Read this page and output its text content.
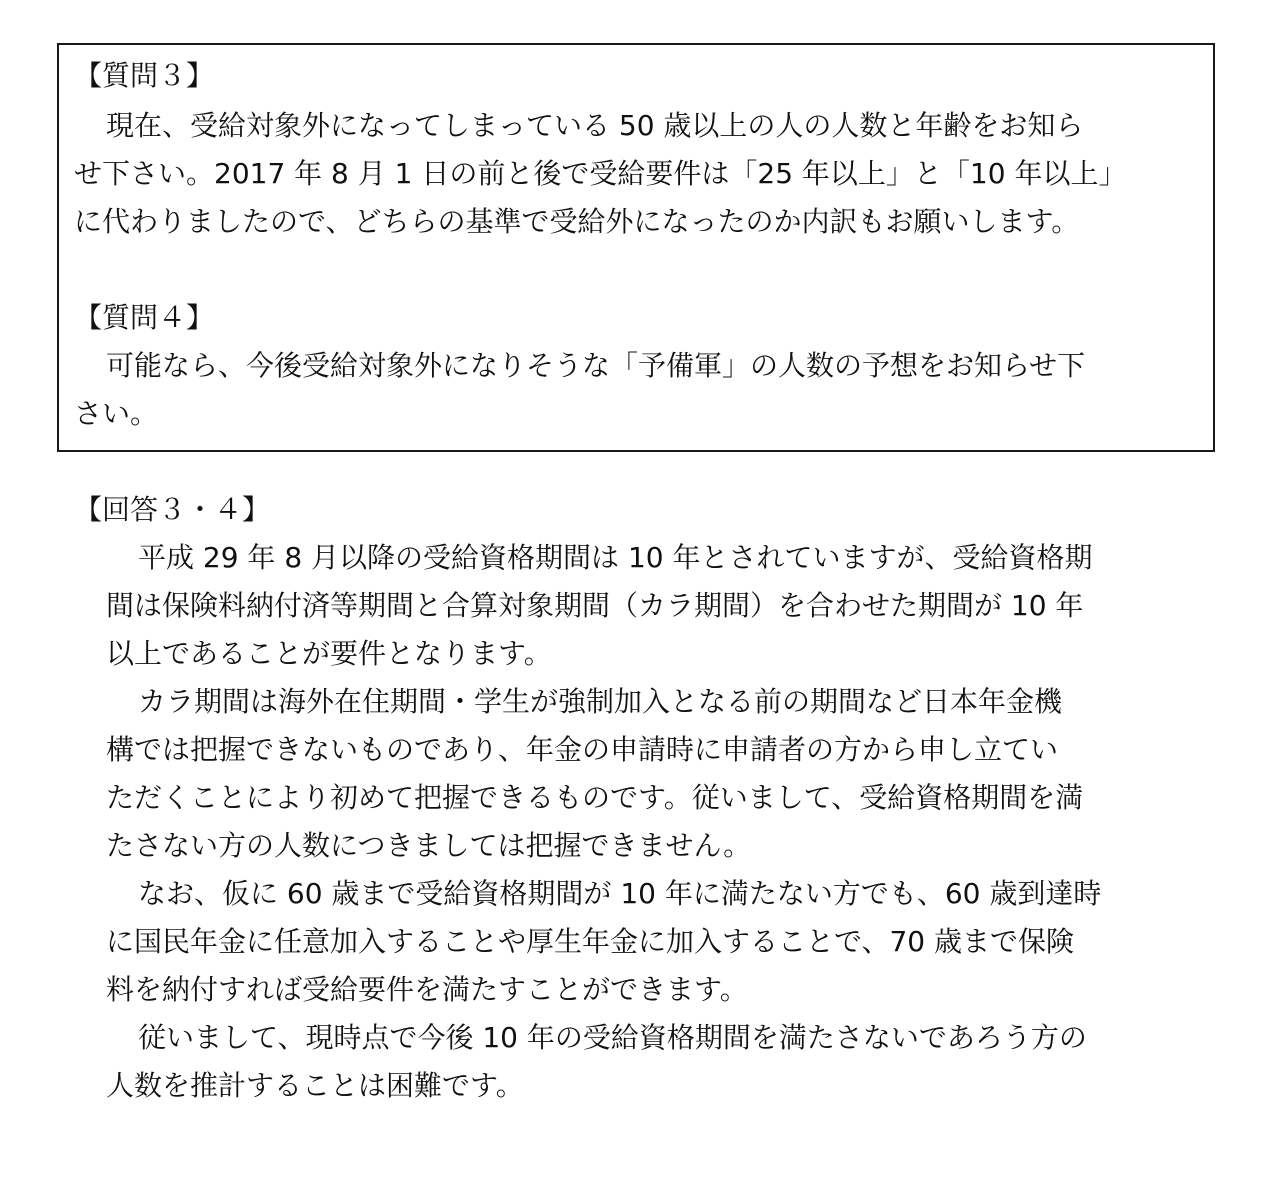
【質問３】
現在、受給対象外になってしまっている 50 歳以上の人の人数と年齢をお知ら
せ下さい。2017 年 8 月 1 日の前と後で受給要件は「25 年以上」と「10 年以上」
に代わりましたので、どちらの基準で受給外になったのか内訳もお願いします。
【質問４】
可能なら、今後受給対象外になりそうな「予備軍」の人数の予想をお知らせ下
さい。
【回答３・４】
平成 29 年 8 月以降の受給資格期間は 10 年とされていますが、受給資格期
間は保険料納付済等期間と合算対象期間（カラ期間）を合わせた期間が 10 年
以上であることが要件となります。
カラ期間は海外在住期間・学生が強制加入となる前の期間など日本年金機
構では把握できないものであり、年金の申請時に申請者の方から申し立てい
ただくことにより初めて把握できるものです。従いまして、受給資格期間を満
たさない方の人数につきましては把握できません。
なお、仮に 60 歳まで受給資格期間が 10 年に満たない方でも、60 歳到達時
に国民年金に任意加入することや厚生年金に加入することで、70 歳まで保険
料を納付すれば受給要件を満たすことができます。
従いまして、現時点で今後 10 年の受給資格期間を満たさないであろう方の
人数を推計することは困難です。
